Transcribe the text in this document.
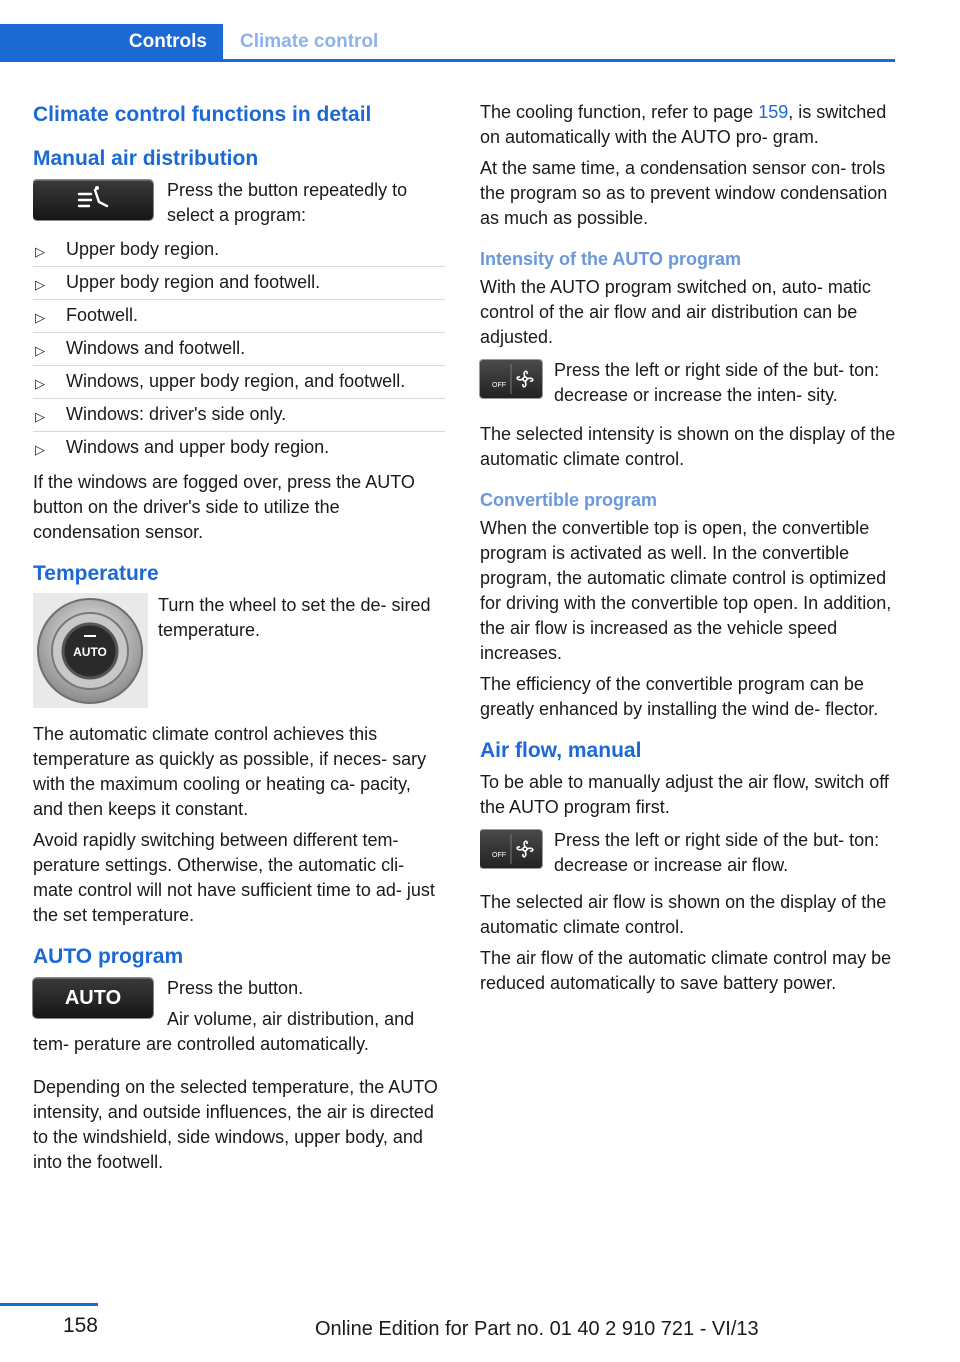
Controls	Climate control
Climate control functions in detail
Manual air distribution

Press the button repeatedly to select a program:

▷ Upper body region.
▷ Upper body region and footwell.
▷ Footwell.
▷ Windows and footwell.
▷ Windows, upper body region, and footwell.
▷ Windows: driver's side only.
▷ Windows and upper body region.

If the windows are fogged over, press the AUTO button on the driver's side to utilize the condensation sensor.

Temperature
AUTO

Turn the wheel to set the de‐ sired temperature.

The automatic climate control achieves this temperature as quickly as possible, if neces‐ sary with the maximum cooling or heating ca‐ pacity, and then keeps it constant.

Avoid rapidly switching between different tem‐ perature settings. Otherwise, the automatic cli‐ mate control will not have sufficient time to ad‐ just the set temperature.

AUTO program
AUTO	Press the button.

Air volume, air distribution, and tem‐ perature are controlled automatically.

Depending on the selected temperature, the AUTO intensity, and outside influences, the air is directed to the windshield, side windows, upper body, and into the footwell.

The cooling function, refer to page 159, is switched on automatically with the AUTO pro‐ gram.

At the same time, a condensation sensor con‐ trols the program so as to prevent window condensation as much as possible.

Intensity of the AUTO program

With the AUTO program switched on, auto‐ matic control of the air flow and air distribution can be adjusted.

OFF

Press the left or right side of the but‐ ton: decrease or increase the inten‐ sity.

The selected intensity is shown on the display of the automatic climate control.

Convertible program

When the convertible top is open, the convertible program is activated as well. In the convertible program, the automatic climate control is optimized for driving with the convertible top open. In addition, the air flow is increased as the vehicle speed increases.

The efficiency of the convertible program can be greatly enhanced by installing the wind de‐ flector.

Air flow, manual

To be able to manually adjust the air flow, switch off the AUTO program first.

OFF

Press the left or right side of the but‐ ton: decrease or increase air flow.

The selected air flow is shown on the display of the automatic climate control.

The air flow of the automatic climate control may be reduced automatically to save battery power.

158	Online Edition for Part no. 01 40 2 910 721 - VI/13
